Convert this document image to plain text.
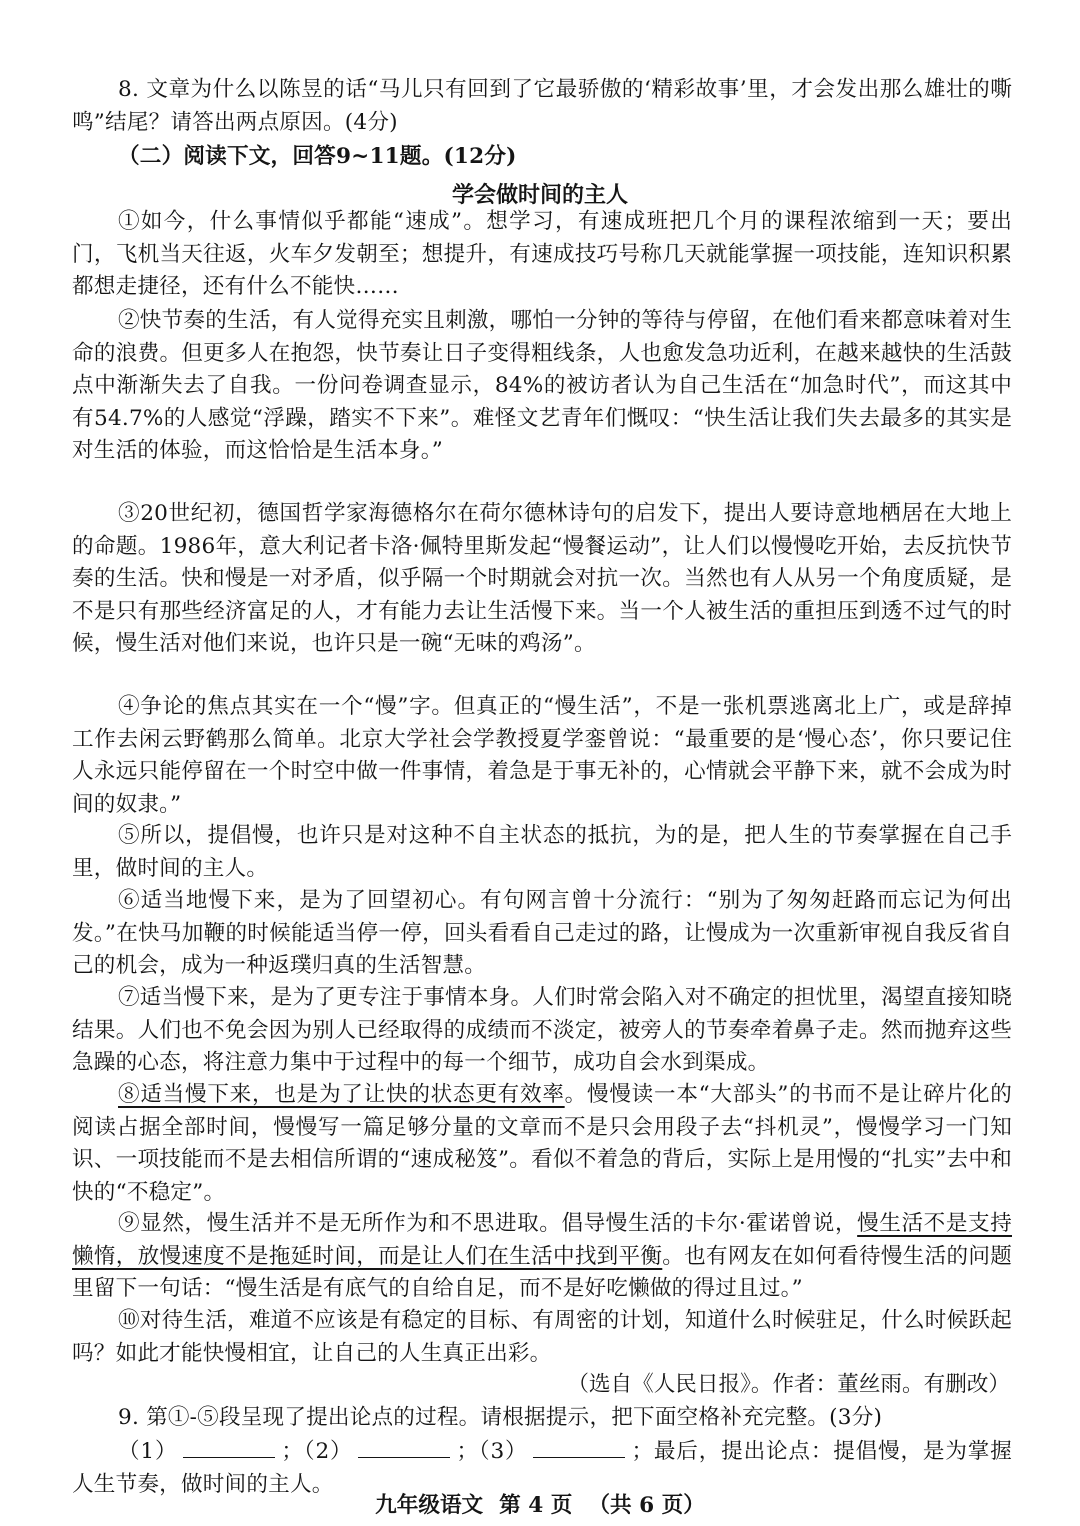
8. 文章为什么以陈昱的话“马儿只有回到了它最骄傲的‘精彩故事’里，才会发出那么雄壮的嘶鸣”结尾？请答出两点原因。(4分)
（二）阅读下文，回答9~11题。(12分)
学会做时间的主人
①如今，什么事情似乎都能“速成”。想学习，有速成班把几个月的课程浓缩到一天；要出门，飞机当天往返，火车夕发朝至；想提升，有速成技巧号称几天就能掌握一项技能，连知识积累都想走捷径，还有什么不能快……
②快节奏的生活，有人觉得充实且刺激，哪怕一分钟的等待与停留，在他们看来都意味着对生命的浪费。但更多人在抱怨，快节奏让日子变得粗线条，人也愈发急功近利，在越来越快的生活鼓点中渐渐失去了自我。一份问卷调查显示，84%的被访者认为自己生活在“加急时代”，而这其中有54.7%的人感觉“浮躁，踏实不下来”。难怪文艺青年们慨叹：“快生活让我们失去最多的其实是对生活的体验，而这恰恰是生活本身。”
③20世纪初，德国哲学家海德格尔在荷尔德林诗句的启发下，提出人要诗意地栖居在大地上的命题。1986年，意大利记者卡洛·佩特里斯发起“慢餐运动”，让人们以慢慢吃开始，去反抗快节奏的生活。快和慢是一对矛盾，似乎隔一个时期就会对抗一次。当然也有人从另一个角度质疑，是不是只有那些经济富足的人，才有能力去让生活慢下来。当一个人被生活的重担压到透不过气的时候，慢生活对他们来说，也许只是一碗“无味的鸡汤”。
④争论的焦点其实在一个“慢”字。但真正的“慢生活”，不是一张机票逃离北上广，或是辞掉工作去闲云野鹤那么简单。北京大学社会学教授夏学銮曾说：“最重要的是‘慢心态’，你只要记住人永远只能停留在一个时空中做一件事情，着急是于事无补的，心情就会平静下来，就不会成为时间的奴隶。”
⑤所以，提倡慢，也许只是对这种不自主状态的抵抗，为的是，把人生的节奏掌握在自己手里，做时间的主人。
⑥适当地慢下来，是为了回望初心。有句网言曾十分流行：“别为了匆匆赶路而忘记为何出发。”在快马加鞭的时候能适当停一停，回头看看自己走过的路，让慢成为一次重新审视自我反省自己的机会，成为一种返璞归真的生活智慧。
⑦适当慢下来，是为了更专注于事情本身。人们时常会陷入对不确定的担忧里，渴望直接知晓结果。人们也不免会因为别人已经取得的成绩而不淡定，被旁人的节奏牵着鼻子走。然而抛弃这些急躁的心态，将注意力集中于过程中的每一个细节，成功自会水到渠成。
⑧适当慢下来，也是为了让快的状态更有效率。慢慢读一本“大部头”的书而不是让碎片化的阅读占据全部时间，慢慢写一篇足够分量的文章而不是只会用段子去“抖机灵”，慢慢学习一门知识、一项技能而不是去相信所谓的“速成秘笈”。看似不着急的背后，实际上是用慢的“扎实”去中和快的“不稳定”。
⑨显然，慢生活并不是无所作为和不思进取。倡导慢生活的卡尔·霍诺曾说，慢生活不是支持懒惰，放慢速度不是拖延时间，而是让人们在生活中找到平衡。也有网友在如何看待慢生活的问题里留下一句话：“慢生活是有底气的自给自足，而不是好吃懒做的得过且过。”
⑩对待生活，难道不应该是有稳定的目标、有周密的计划，知道什么时候驻足，什么时候跃起吗？如此才能快慢相宜，让自己的人生真正出彩。
（选自《人民日报》。作者：董丝雨。有删改）
9. 第①-⑤段呈现了提出论点的过程。请根据提示，把下面空格补充完整。(3分)
（1）	；（2）	；（3）	；最后，提出论点：提倡慢，是为掌握人生节奏，做时间的主人。
九年级语文 第 4 页 （共 6 页）
